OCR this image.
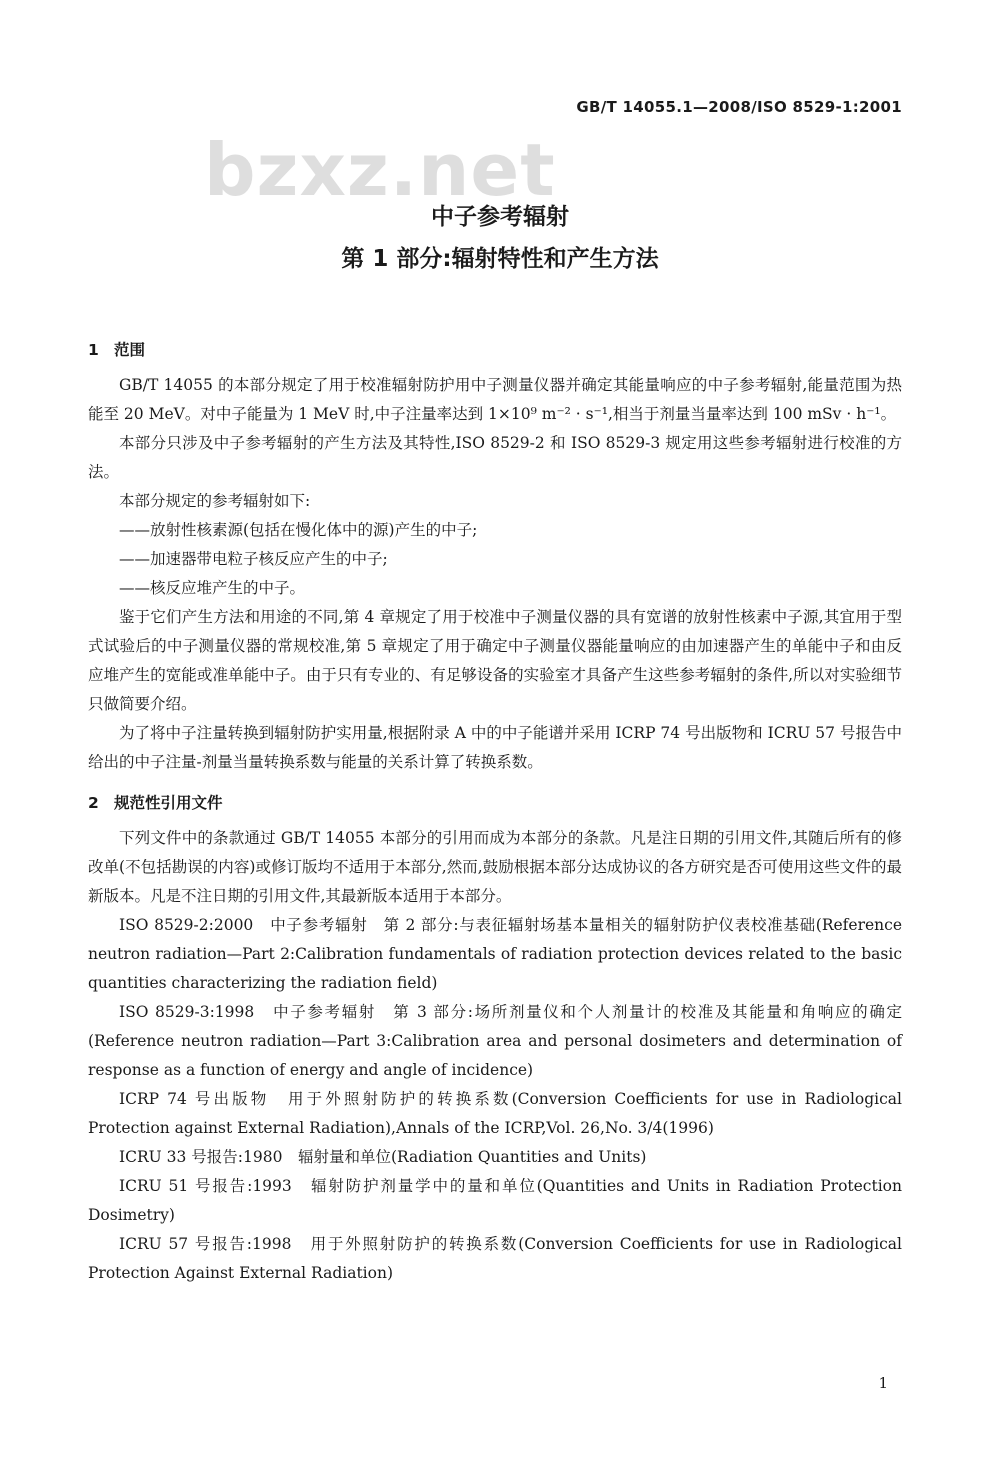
GB/T 14055.1—2008/ISO 8529-1:2001
bzxz.net
中子参考辐射
第 1 部分:辐射特性和产生方法
1 范围

GB/T 14055 的本部分规定了用于校准辐射防护用中子测量仪器并确定其能量响应的中子参考辐射,能量范围为热能至 20 MeV。对中子能量为 1 MeV 时,中子注量率达到 1×10⁹ m⁻² · s⁻¹,相当于剂量当量率达到 100 mSv · h⁻¹。

本部分只涉及中子参考辐射的产生方法及其特性,ISO 8529-2 和 ISO 8529-3 规定用这些参考辐射进行校准的方法。

本部分规定的参考辐射如下:

——放射性核素源(包括在慢化体中的源)产生的中子;

——加速器带电粒子核反应产生的中子;

——核反应堆产生的中子。

鉴于它们产生方法和用途的不同,第 4 章规定了用于校准中子测量仪器的具有宽谱的放射性核素中子源,其宜用于型式试验后的中子测量仪器的常规校准,第 5 章规定了用于确定中子测量仪器能量响应的由加速器产生的单能中子和由反应堆产生的宽能或准单能中子。由于只有专业的、有足够设备的实验室才具备产生这些参考辐射的条件,所以对实验细节只做简要介绍。

为了将中子注量转换到辐射防护实用量,根据附录 A 中的中子能谱并采用 ICRP 74 号出版物和 ICRU 57 号报告中给出的中子注量-剂量当量转换系数与能量的关系计算了转换系数。

2 规范性引用文件

下列文件中的条款通过 GB/T 14055 本部分的引用而成为本部分的条款。凡是注日期的引用文件,其随后所有的修改单(不包括勘误的内容)或修订版均不适用于本部分,然而,鼓励根据本部分达成协议的各方研究是否可使用这些文件的最新版本。凡是不注日期的引用文件,其最新版本适用于本部分。

ISO 8529-2:2000　中子参考辐射　第 2 部分:与表征辐射场基本量相关的辐射防护仪表校准基础(Reference neutron radiation—Part 2:Calibration fundamentals of radiation protection devices related to the basic quantities characterizing the radiation field)

ISO 8529-3:1998　中子参考辐射　第 3 部分:场所剂量仪和个人剂量计的校准及其能量和角响应的确定(Reference neutron radiation—Part 3:Calibration area and personal dosimeters and determination of response as a function of energy and angle of incidence)

ICRP 74 号出版物　用于外照射防护的转换系数(Conversion Coefficients for use in Radiological Protection against External Radiation),Annals of the ICRP,Vol. 26,No. 3/4(1996)

ICRU 33 号报告:1980　辐射量和单位(Radiation Quantities and Units)

ICRU 51 号报告:1993　辐射防护剂量学中的量和单位(Quantities and Units in Radiation Protection Dosimetry)

ICRU 57 号报告:1998　用于外照射防护的转换系数(Conversion Coefficients for use in Radiological Protection Against External Radiation)

1
